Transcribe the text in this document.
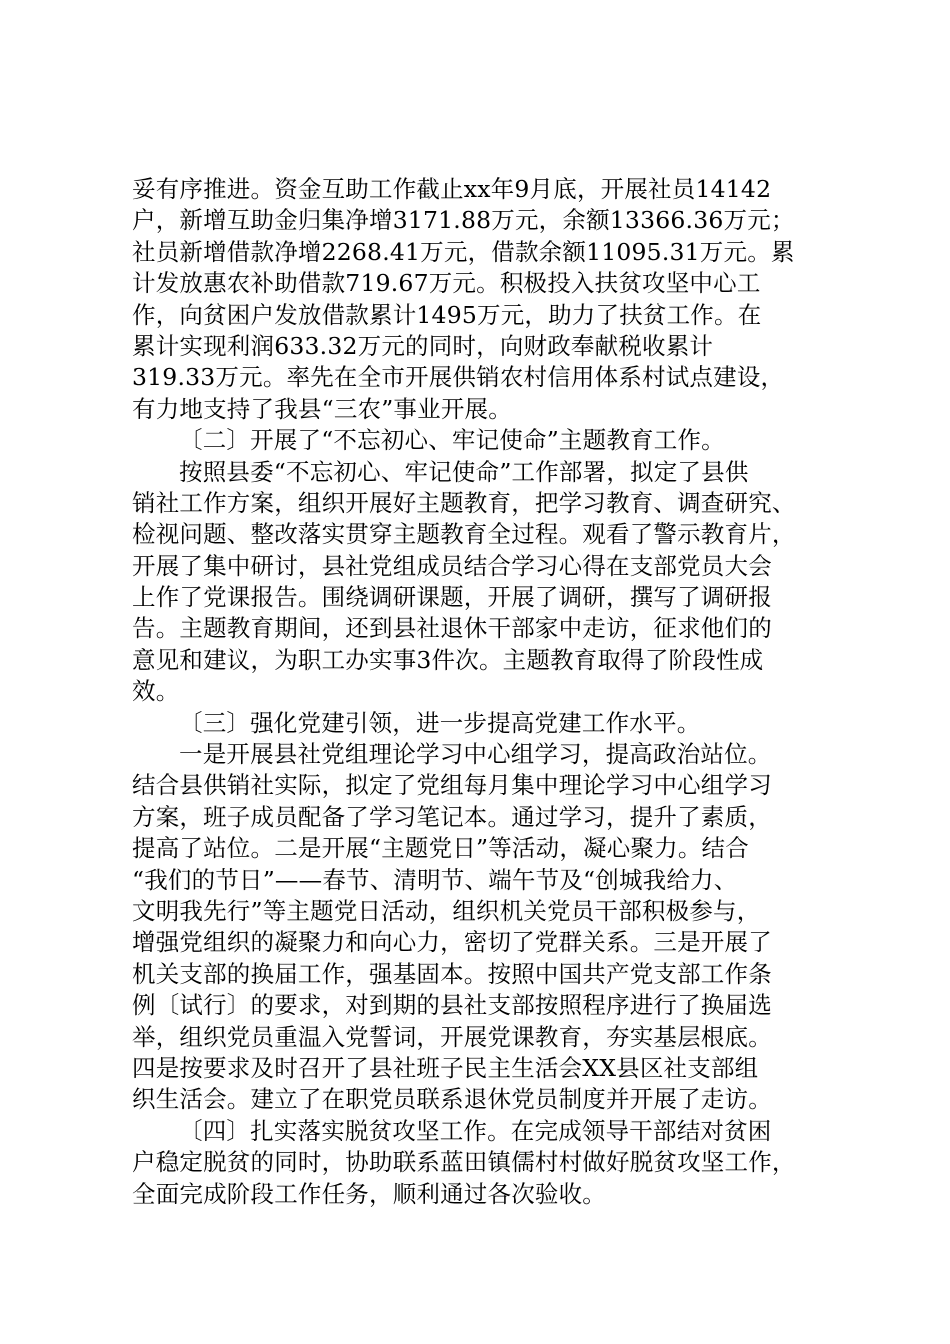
妥有序推进。资金互助工作截止xx年9月底，开展社员14142
户，新增互助金归集净增3171.88万元，余额13366.36万元；
社员新增借款净增2268.41万元，借款余额11095.31万元。累
计发放惠农补助借款719.67万元。积极投入扶贫攻坚中心工
作，向贫困户发放借款累计1495万元，助力了扶贫工作。在
累计实现利润633.32万元的同时，向财政奉献税收累计
319.33万元。率先在全市开展供销农村信用体系村试点建设，
有力地支持了我县“三农”事业开展。
〔二〕开展了“不忘初心、牢记使命”主题教育工作。
按照县委“不忘初心、牢记使命”工作部署，拟定了县供
销社工作方案，组织开展好主题教育，把学习教育、调查研究、
检视问题、整改落实贯穿主题教育全过程。观看了警示教育片，
开展了集中研讨，县社党组成员结合学习心得在支部党员大会
上作了党课报告。围绕调研课题，开展了调研，撰写了调研报
告。主题教育期间，还到县社退休干部家中走访，征求他们的
意见和建议，为职工办实事3件次。主题教育取得了阶段性成
效。
〔三〕强化党建引领，进一步提高党建工作水平。
一是开展县社党组理论学习中心组学习，提高政治站位。
结合县供销社实际，拟定了党组每月集中理论学习中心组学习
方案，班子成员配备了学习笔记本。通过学习，提升了素质，
提高了站位。二是开展“主题党日”等活动，凝心聚力。结合
“我们的节日”——春节、清明节、端午节及“创城我给力、
文明我先行”等主题党日活动，组织机关党员干部积极参与，
增强党组织的凝聚力和向心力，密切了党群关系。三是开展了
机关支部的换届工作，强基固本。按照中国共产党支部工作条
例〔试行〕的要求，对到期的县社支部按照程序进行了换届选
举，组织党员重温入党誓词，开展党课教育，夯实基层根底。
四是按要求及时召开了县社班子民主生活会XX县区社支部组
织生活会。建立了在职党员联系退休党员制度并开展了走访。
〔四〕扎实落实脱贫攻坚工作。在完成领导干部结对贫困
户稳定脱贫的同时，协助联系蓝田镇儒村村做好脱贫攻坚工作，
全面完成阶段工作任务，顺利通过各次验收。
